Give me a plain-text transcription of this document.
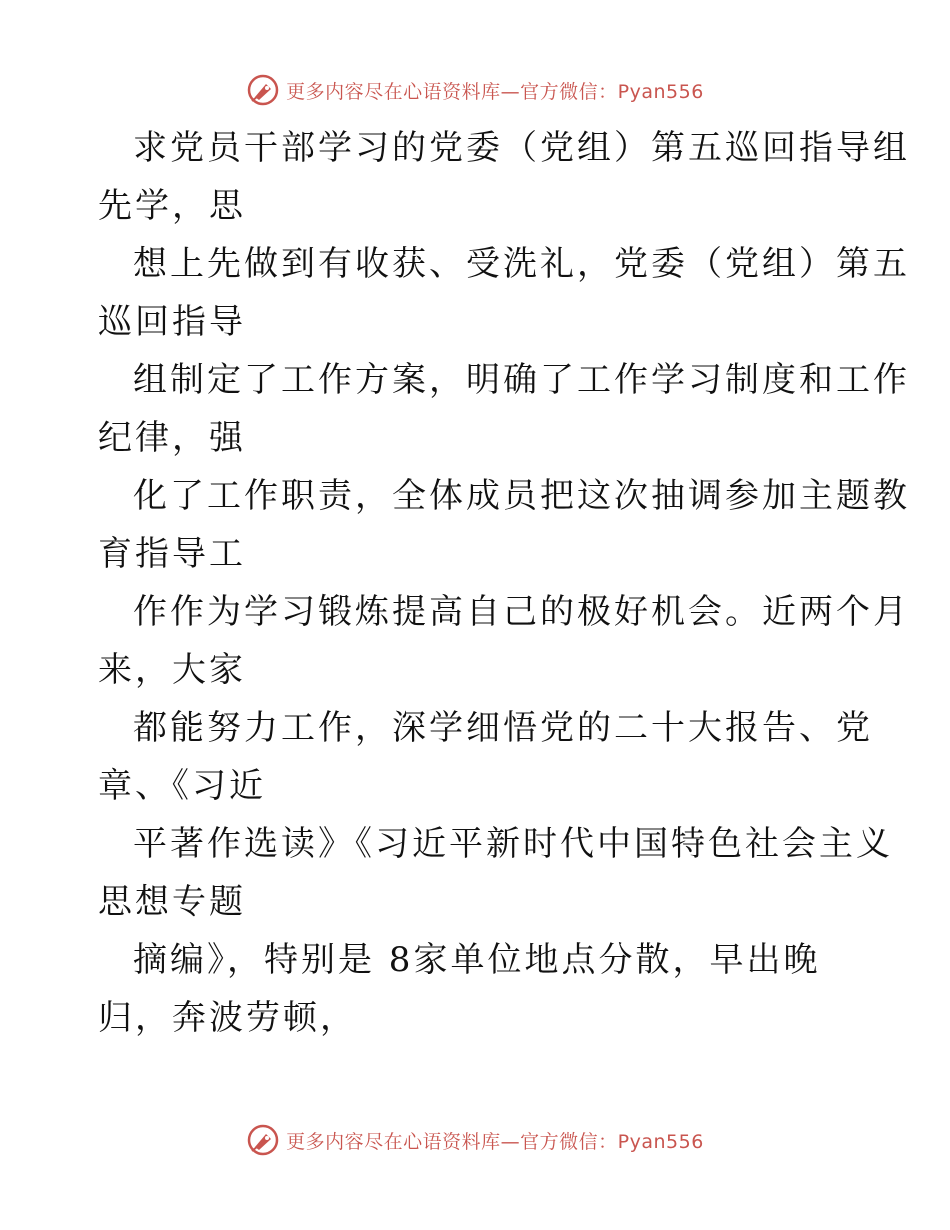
更多内容尽在心语资料库—官方微信：Pyan556
求党员干部学习的党委（党组）第五巡回指导组
先学，思
想上先做到有收获、受洗礼，党委（党组）第五
巡回指导
组制定了工作方案，明确了工作学习制度和工作
纪律，强
化了工作职责，全体成员把这次抽调参加主题教
育指导工
作作为学习锻炼提高自己的极好机会。近两个月
来，大家
都能努力工作，深学细悟党的二十大报告、党
章、《习近
平著作选读》《习近平新时代中国特色社会主义
思想专题
摘编》，特别是 8家单位地点分散，早出晚
归，奔波劳顿，
更多内容尽在心语资料库—官方微信：Pyan556
